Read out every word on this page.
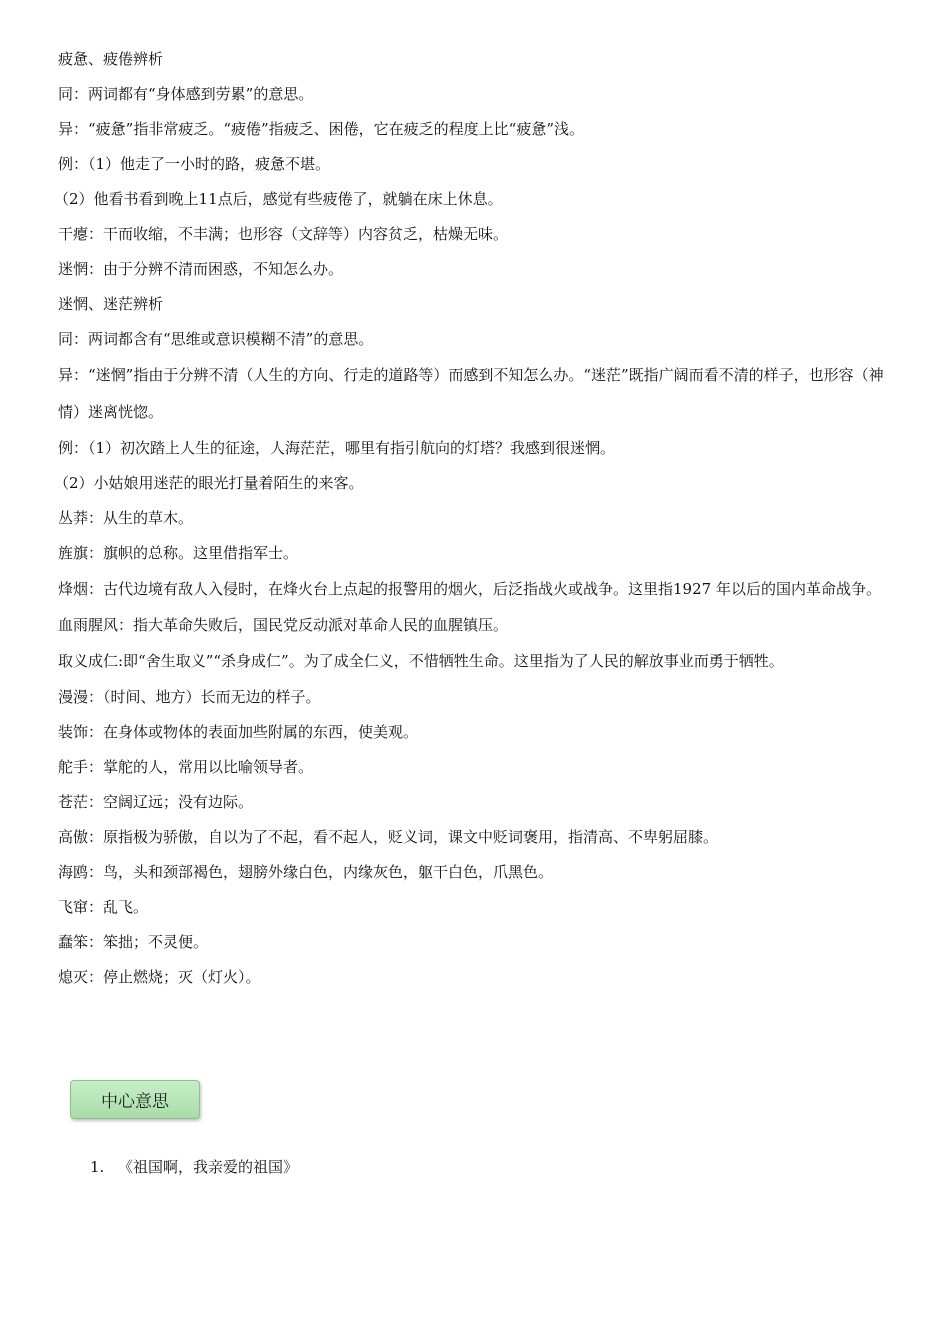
疲惫、疲倦辨析

同：两词都有“身体感到劳累”的意思。

异：“疲惫”指非常疲乏。“疲倦”指疲乏、困倦，它在疲乏的程度上比“疲惫”浅。

例：（1）他走了一小时的路，疲惫不堪。

（2）他看书看到晚上11点后，感觉有些疲倦了，就躺在床上休息。

干瘪：干而收缩，不丰满；也形容（文辞等）内容贫乏，枯燥无味。

迷惘：由于分辨不清而困惑，不知怎么办。

迷惘、迷茫辨析

同：两词都含有“思维或意识模糊不清”的意思。

异：“迷惘”指由于分辨不清（人生的方向、行走的道路等）而感到不知怎么办。“迷茫”既指广阔而看不清的样子，也形容（神情）迷离恍惚。

例：（1）初次踏上人生的征途，人海茫茫，哪里有指引航向的灯塔？我感到很迷惘。

（2）小姑娘用迷茫的眼光打量着陌生的来客。

丛莽：从生的草木。

旌旗：旗帜的总称。这里借指军士。

烽烟：古代边境有敌人入侵时，在烽火台上点起的报警用的烟火，后泛指战火或战争。这里指1927 年以后的国内革命战争。

血雨腥风：指大革命失败后，国民党反动派对革命人民的血腥镇压。

取义成仁:即“舍生取义”“杀身成仁”。为了成全仁义，不惜牺牲生命。这里指为了人民的解放事业而勇于牺牲。

漫漫：（时间、地方）长而无边的样子。

装饰：在身体或物体的表面加些附属的东西，使美观。

舵手：掌舵的人，常用以比喻领导者。

苍茫：空阔辽远；没有边际。

高傲：原指极为骄傲，自以为了不起，看不起人，贬义词，课文中贬词褒用，指清高、不卑躬屈膝。

海鸥：鸟，头和颈部褐色，翅膀外缘白色，内缘灰色，躯干白色，爪黑色。

飞窜：乱飞。

蠢笨：笨拙；不灵便。

熄灭：停止燃烧；灭（灯火）。

中心意思
1. 《祖国啊，我亲爱的祖国》
